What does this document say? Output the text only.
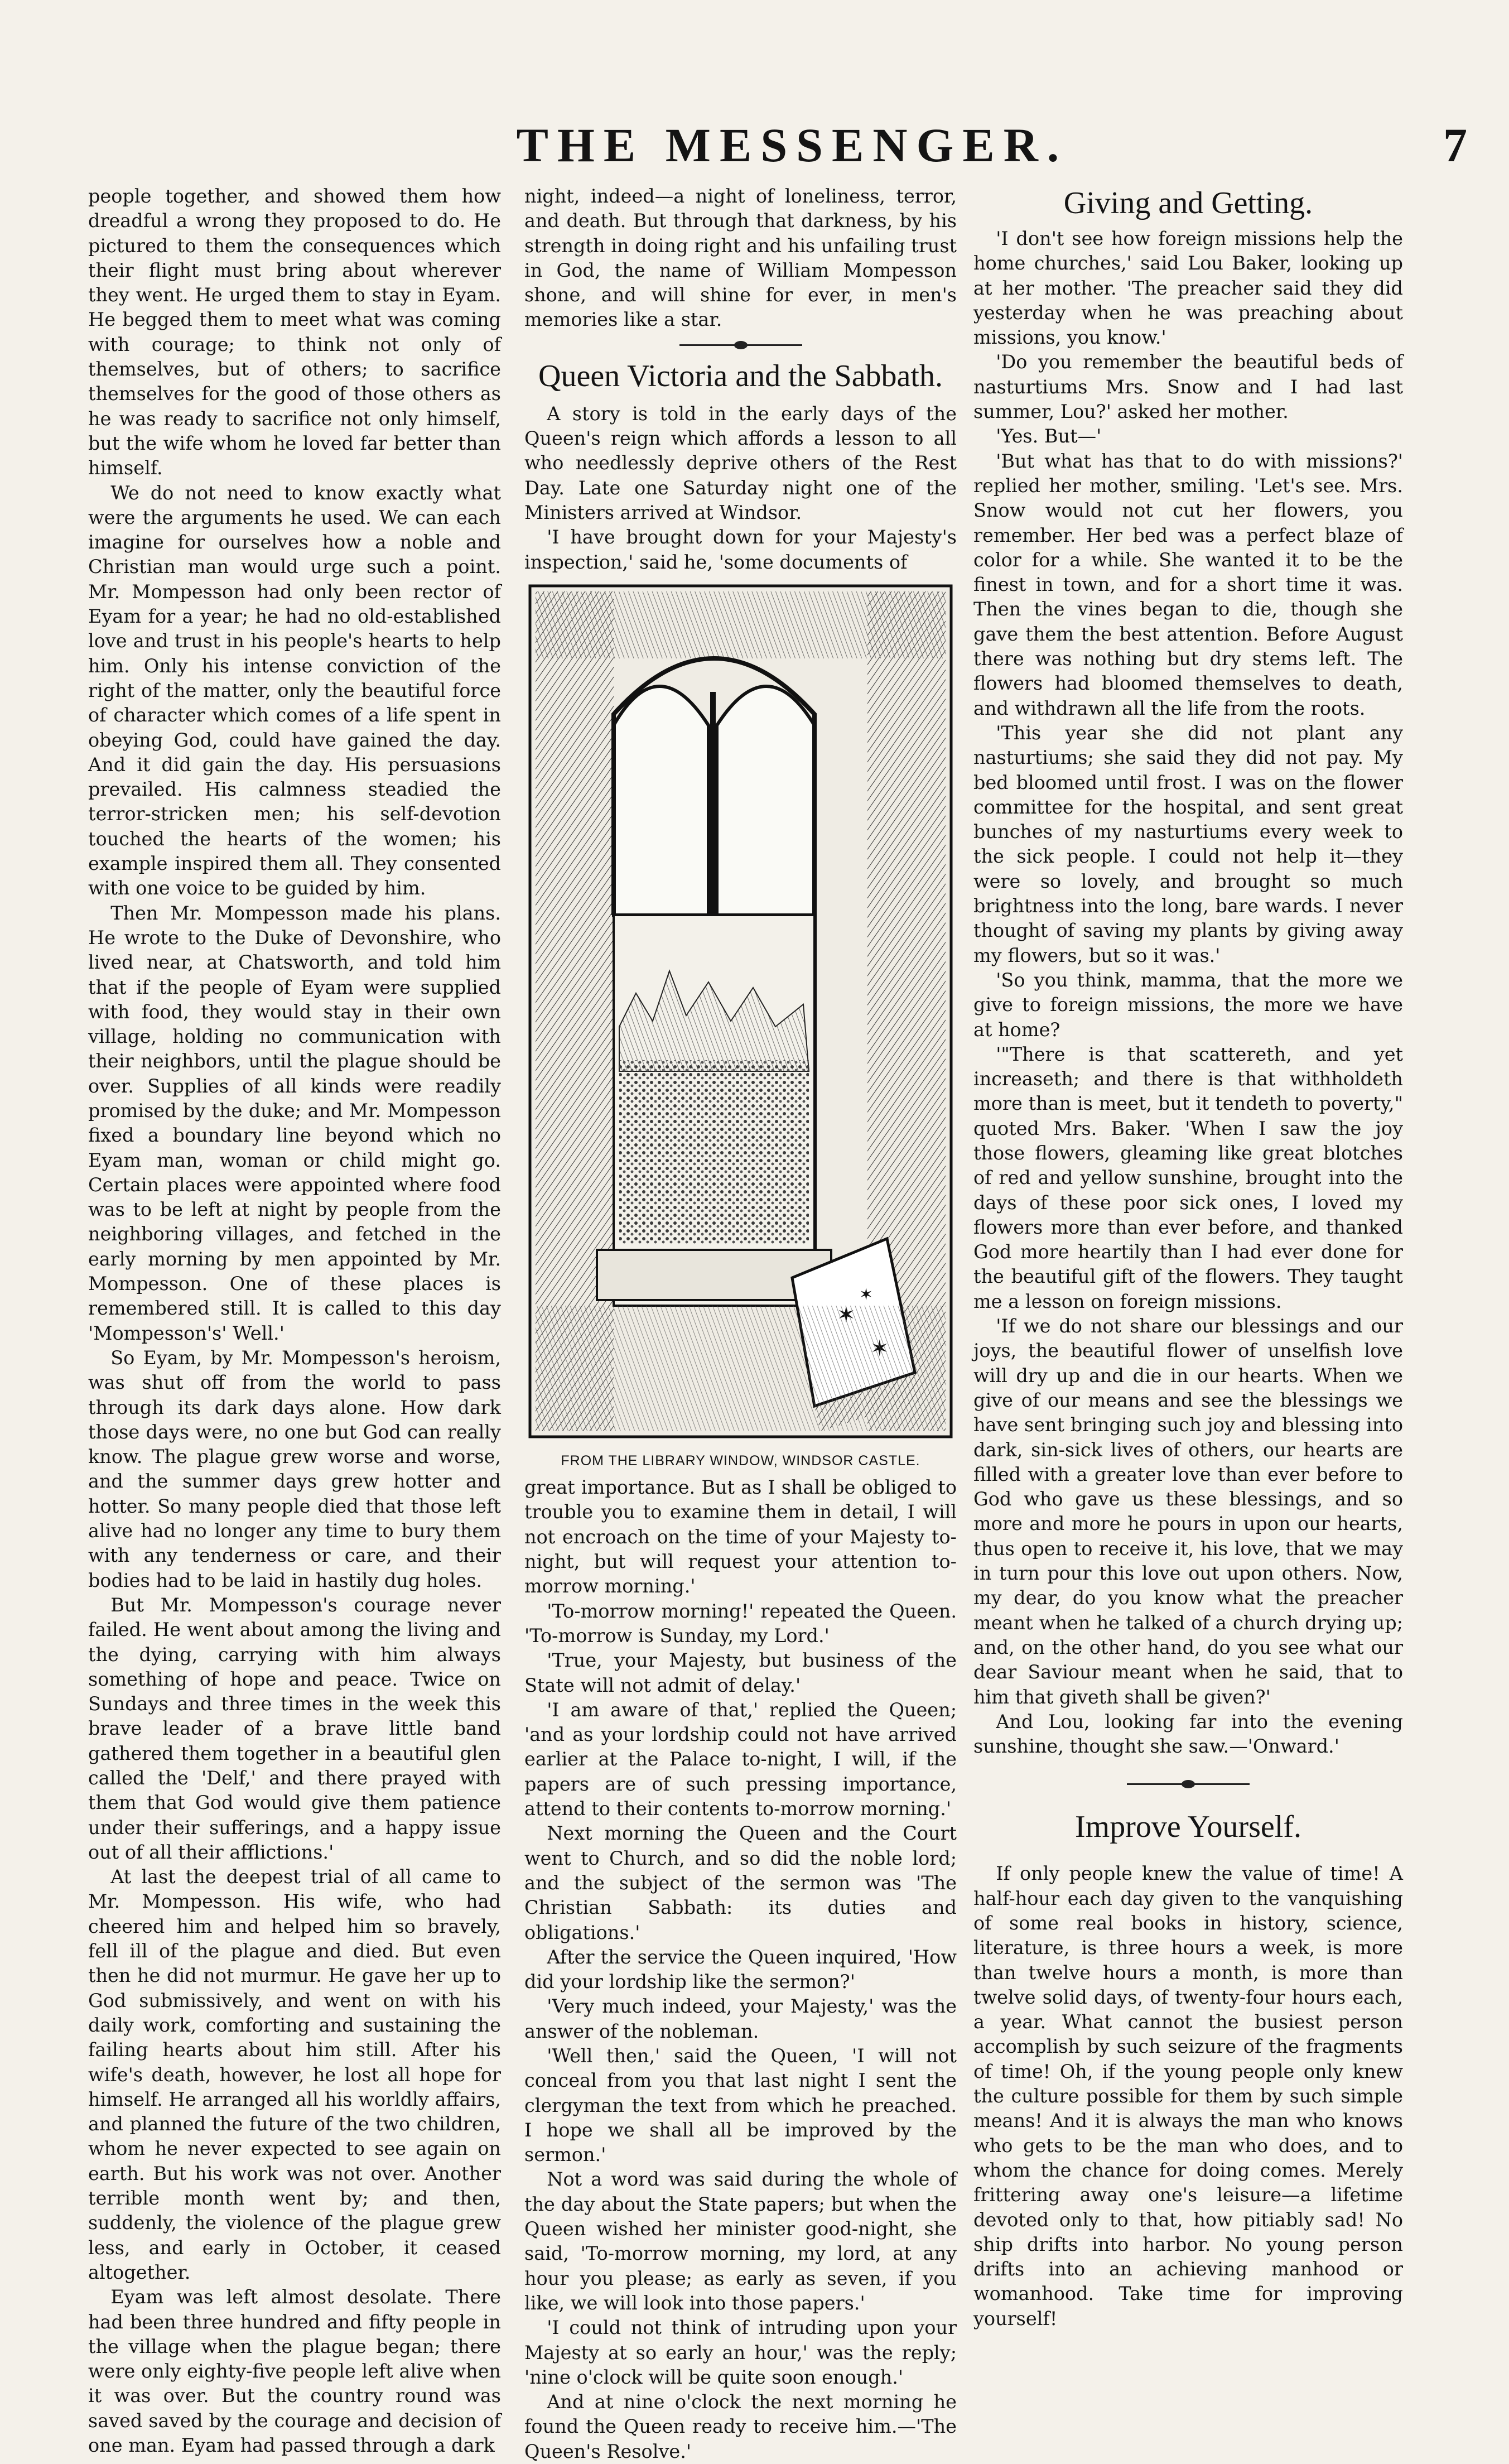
THE MESSENGER.	7

people together, and showed them how dreadful a wrong they proposed to do. He pictured to them the consequences which their flight must bring about wherever they went. He urged them to stay in Eyam. He begged them to meet what was coming with courage; to think not only of themselves, but of others; to sacrifice themselves for the good of those others as he was ready to sacrifice not only himself, but the wife whom he loved far better than himself.

We do not need to know exactly what were the arguments he used. We can each imagine for ourselves how a noble and Christian man would urge such a point. Mr. Mompesson had only been rector of Eyam for a year; he had no old-established love and trust in his people's hearts to help him. Only his intense conviction of the right of the matter, only the beautiful force of character which comes of a life spent in obeying God, could have gained the day. And it did gain the day. His persuasions prevailed. His calmness steadied the terror-stricken men; his self-devotion touched the hearts of the women; his example inspired them all. They consented with one voice to be guided by him.

Then Mr. Mompesson made his plans. He wrote to the Duke of Devonshire, who lived near, at Chatsworth, and told him that if the people of Eyam were supplied with food, they would stay in their own village, holding no communication with their neighbors, until the plague should be over. Supplies of all kinds were readily promised by the duke; and Mr. Mompesson fixed a boundary line beyond which no Eyam man, woman or child might go. Certain places were appointed where food was to be left at night by people from the neighboring villages, and fetched in the early morning by men appointed by Mr. Mompesson. One of these places is remembered still. It is called to this day 'Mompesson's' Well.'

So Eyam, by Mr. Mompesson's heroism, was shut off from the world to pass through its dark days alone. How dark those days were, no one but God can really know. The plague grew worse and worse, and the summer days grew hotter and hotter. So many people died that those left alive had no longer any time to bury them with any tenderness or care, and their bodies had to be laid in hastily dug holes.

But Mr. Mompesson's courage never failed. He went about among the living and the dying, carrying with him always something of hope and peace. Twice on Sundays and three times in the week this brave leader of a brave little band gathered them together in a beautiful glen called the 'Delf,' and there prayed with them that God would give them patience under their sufferings, and a happy issue out of all their afflictions.'

At last the deepest trial of all came to Mr. Mompesson. His wife, who had cheered him and helped him so bravely, fell ill of the plague and died. But even then he did not murmur. He gave her up to God submissively, and went on with his daily work, comforting and sustaining the failing hearts about him still. After his wife's death, however, he lost all hope for himself. He arranged all his worldly affairs, and planned the future of the two children, whom he never expected to see again on earth. But his work was not over. Another terrible month went by; and then, suddenly, the violence of the plague grew less, and early in October, it ceased altogether.

Eyam was left almost desolate. There had been three hundred and fifty people in the village when the plague began; there were only eighty-five people left alive when it was over. But the country round was saved saved by the courage and decision of one man. Eyam had passed through a dark

night, indeed—a night of loneliness, terror, and death. But through that darkness, by his strength in doing right and his unfailing trust in God, the name of William Mompesson shone, and will shine for ever, in men's memories like a star.

Queen Victoria and the Sabbath.

A story is told in the early days of the Queen's reign which affords a lesson to all who needlessly deprive others of the Rest Day. Late one Saturday night one of the Ministers arrived at Windsor.

'I have brought down for your Majesty's inspection,' said he, 'some documents of

✶
FROM THE LIBRARY WINDOW, WINDSOR CASTLE.

great importance. But as I shall be obliged to trouble you to examine them in detail, I will not encroach on the time of your Majesty to-night, but will request your attention to-morrow morning.'

'To-morrow morning!' repeated the Queen. 'To-morrow is Sunday, my Lord.'

'True, your Majesty, but business of the State will not admit of delay.'

'I am aware of that,' replied the Queen; 'and as your lordship could not have arrived earlier at the Palace to-night, I will, if the papers are of such pressing importance, attend to their contents to-morrow morning.'

Next morning the Queen and the Court went to Church, and so did the noble lord; and the subject of the sermon was 'The Christian Sabbath: its duties and obligations.'

After the service the Queen inquired, 'How did your lordship like the sermon?'

'Very much indeed, your Majesty,' was the answer of the nobleman.

'Well then,' said the Queen, 'I will not conceal from you that last night I sent the clergyman the text from which he preached. I hope we shall all be improved by the sermon.'

Not a word was said during the whole of the day about the State papers; but when the Queen wished her minister good-night, she said, 'To-morrow morning, my lord, at any hour you please; as early as seven, if you like, we will look into those papers.'

'I could not think of intruding upon your Majesty at so early an hour,' was the reply; 'nine o'clock will be quite soon enough.'

And at nine o'clock the next morning he found the Queen ready to receive him.—'The Queen's Resolve.'

Giving and Getting.

'I don't see how foreign missions help the home churches,' said Lou Baker, looking up at her mother. 'The preacher said they did yesterday when he was preaching about missions, you know.'

'Do you remember the beautiful beds of nasturtiums Mrs. Snow and I had last summer, Lou?' asked her mother.

'Yes. But—'

'But what has that to do with missions?' replied her mother, smiling. 'Let's see. Mrs. Snow would not cut her flowers, you remember. Her bed was a perfect blaze of color for a while. She wanted it to be the finest in town, and for a short time it was. Then the vines began to die, though she gave them the best attention. Before August there was nothing but dry stems left. The flowers had bloomed themselves to death, and withdrawn all the life from the roots.

'This year she did not plant any nasturtiums; she said they did not pay. My bed bloomed until frost. I was on the flower committee for the hospital, and sent great bunches of my nasturtiums every week to the sick people. I could not help it—they were so lovely, and brought so much brightness into the long, bare wards. I never thought of saving my plants by giving away my flowers, but so it was.'

'So you think, mamma, that the more we give to foreign missions, the more we have at home?

'"There is that scattereth, and yet increaseth; and there is that withholdeth more than is meet, but it tendeth to poverty," quoted Mrs. Baker. 'When I saw the joy those flowers, gleaming like great blotches of red and yellow sunshine, brought into the days of these poor sick ones, I loved my flowers more than ever before, and thanked God more heartily than I had ever done for the beautiful gift of the flowers. They taught me a lesson on foreign missions.

'If we do not share our blessings and our joys, the beautiful flower of unselfish love will dry up and die in our hearts. When we give of our means and see the blessings we have sent bringing such joy and blessing into dark, sin-sick lives of others, our hearts are filled with a greater love than ever before to God who gave us these blessings, and so more and more he pours in upon our hearts, thus open to receive it, his love, that we may in turn pour this love out upon others. Now, my dear, do you know what the preacher meant when he talked of a church drying up; and, on the other hand, do you see what our dear Saviour meant when he said, that to him that giveth shall be given?'

And Lou, looking far into the evening sunshine, thought she saw.—'Onward.'

Improve Yourself.

If only people knew the value of time! A half-hour each day given to the vanquishing of some real books in history, science, literature, is three hours a week, is more than twelve hours a month, is more than twelve solid days, of twenty-four hours each, a year. What cannot the busiest person accomplish by such seizure of the fragments of time! Oh, if the young people only knew the culture possible for them by such simple means! And it is always the man who knows who gets to be the man who does, and to whom the chance for doing comes. Merely frittering away one's leisure—a lifetime devoted only to that, how pitiably sad! No ship drifts into harbor. No young person drifts into an achieving manhood or womanhood. Take time for improving yourself!
